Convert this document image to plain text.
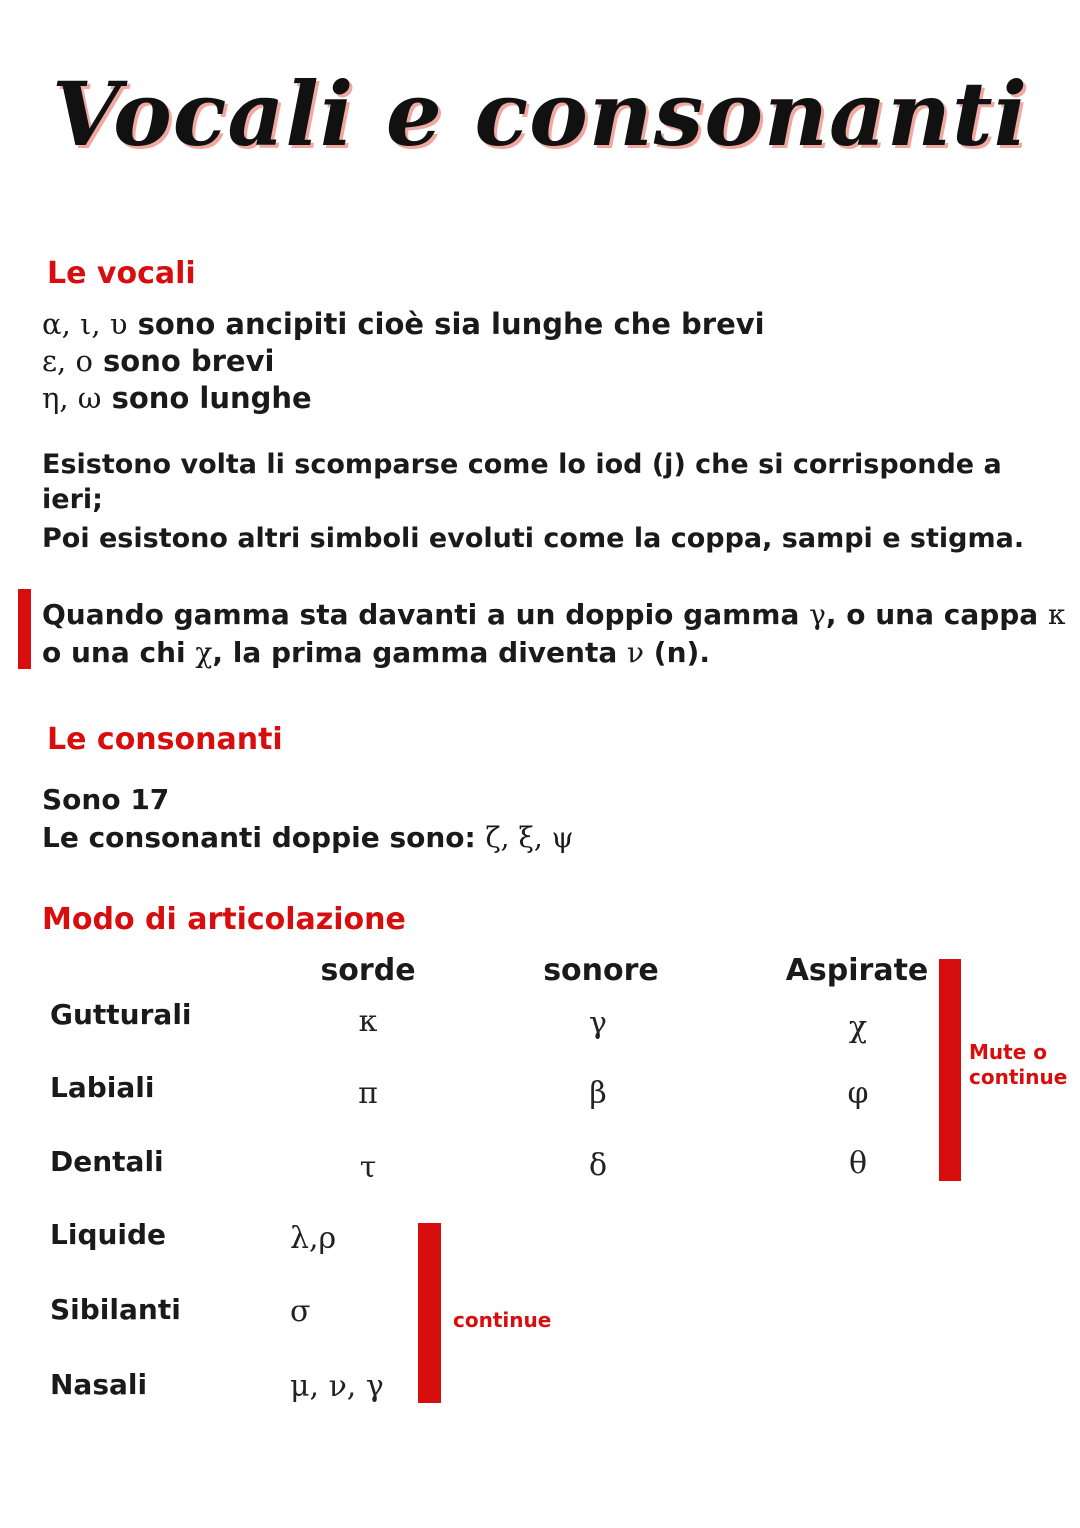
Vocali e consonanti
Le vocali
α, ι, υ sono ancipiti cioè sia lunghe che brevi
ε, ο sono brevi
η, ω sono lunghe
Esistono volta li scomparse come lo iod (j) che si corrisponde a
ieri;
Poi esistono altri simboli evoluti come la coppa, sampi e stigma.
Quando gamma sta davanti a un doppio gamma γ, o una cappa κ
o una chi χ, la prima gamma diventa ν (n).
Le consonanti
Sono 17
Le consonanti doppie sono: ζ, ξ, ψ
Modo di articolazione
sorde	sonore	Aspirate
Gutturali	κ	γ	χ
Labiali	π	β	φ
Dentali	τ	δ	θ
Mute o
continue
Liquide	λ,ρ
Sibilanti	σ
Nasali	μ, ν, γ
continue
